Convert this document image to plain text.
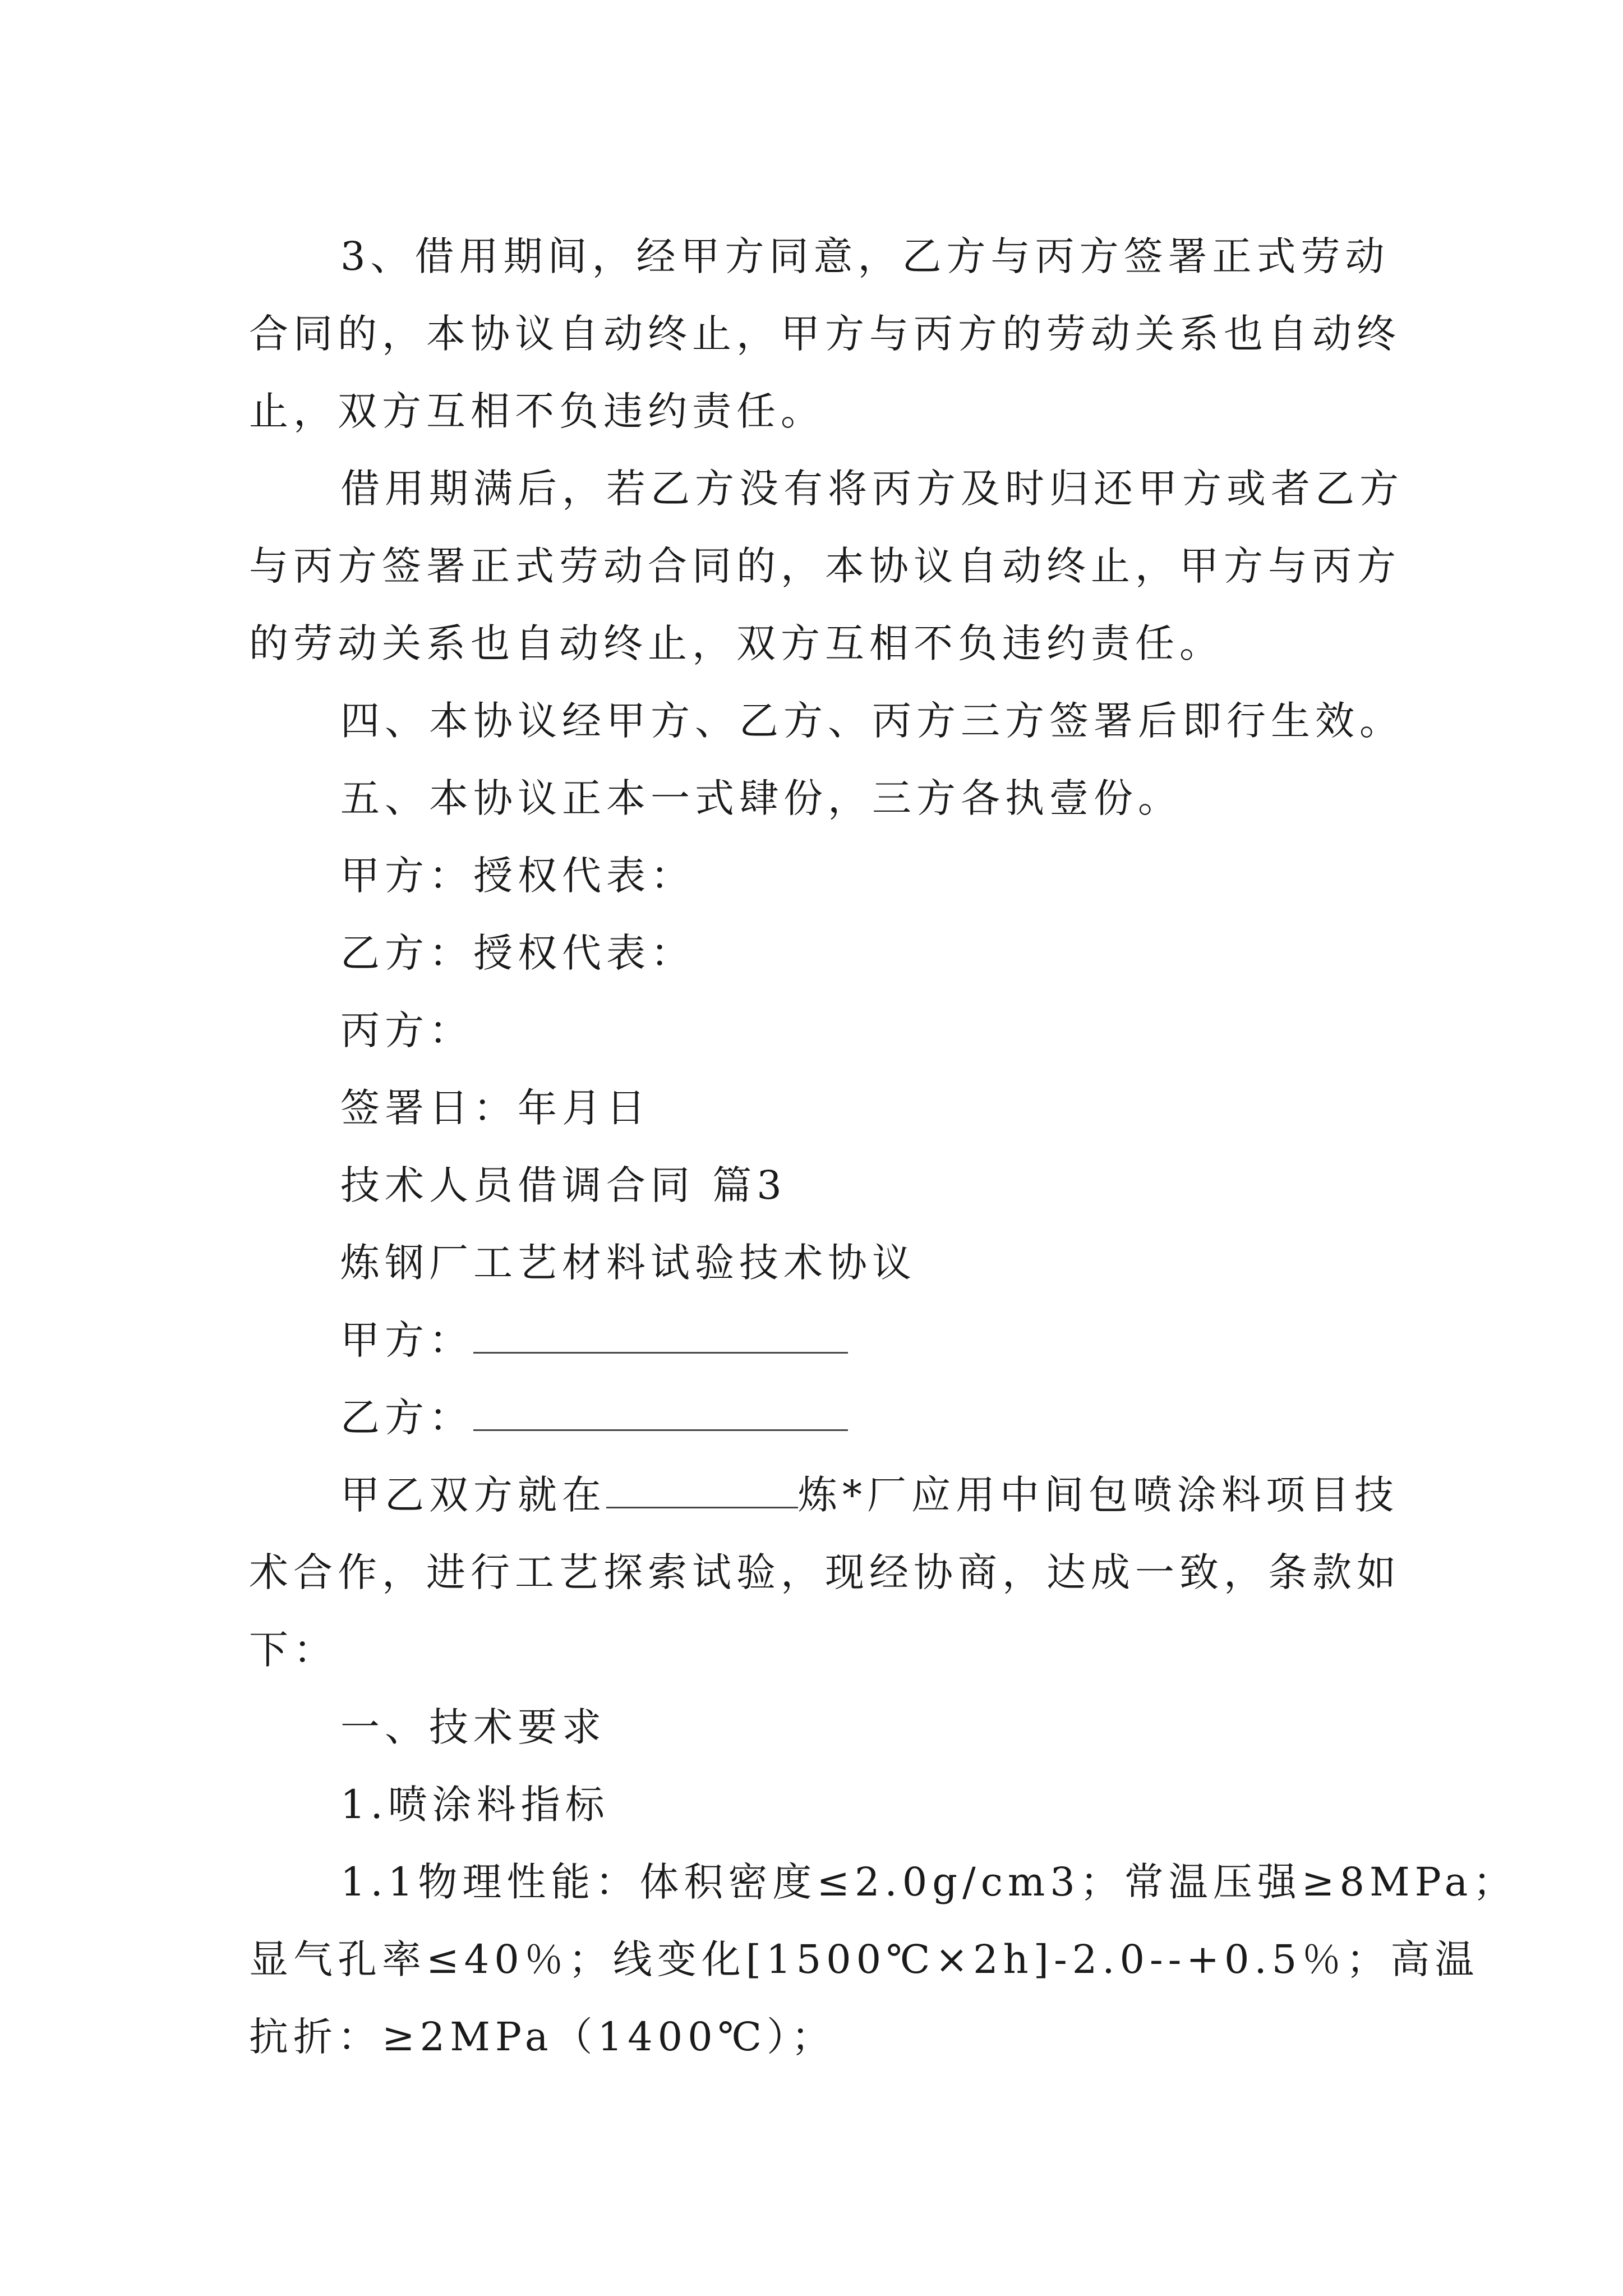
3、借用期间，经甲方同意，乙方与丙方签署正式劳动
合同的，本协议自动终止，甲方与丙方的劳动关系也自动终
止，双方互相不负违约责任。
借用期满后，若乙方没有将丙方及时归还甲方或者乙方
与丙方签署正式劳动合同的，本协议自动终止，甲方与丙方
的劳动关系也自动终止，双方互相不负违约责任。
四、本协议经甲方、乙方、丙方三方签署后即行生效。
五、本协议正本一式肆份，三方各执壹份。
甲方：授权代表：
乙方：授权代表：
丙方：
签署日：年月日
技术人员借调合同 篇3
炼钢厂工艺材料试验技术协议
甲方：
乙方：
甲乙双方就在	炼*厂应用中间包喷涂料项目技
术合作，进行工艺探索试验，现经协商，达成一致，条款如
下：
一、技术要求
1.喷涂料指标
1.1物理性能：体积密度≤2.0g/cm3；常温压强≥8MPa；
显气孔率≤40％；线变化[1500℃×2h]-2.0--+0.5％；高温
抗折：≥2MPa（1400℃）；
